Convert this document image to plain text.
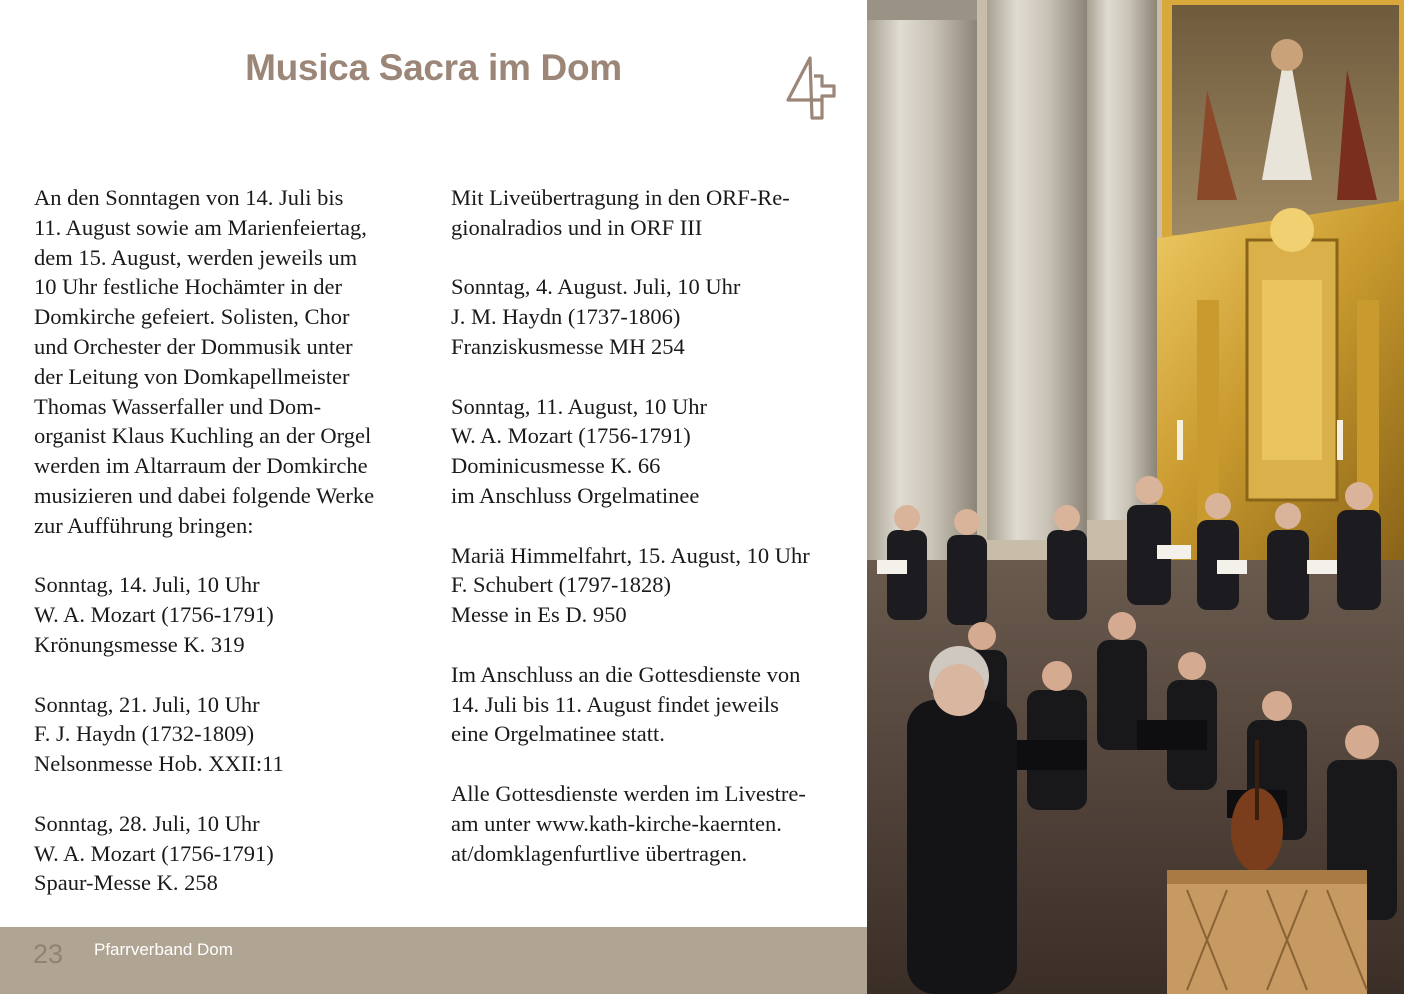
Musica Sacra im Dom

An den Sonntagen von 14. Juli bis
11. August sowie am Marienfeiertag,
dem 15. August, werden jeweils um
10 Uhr festliche Hochämter in der
Domkirche gefeiert. Solisten, Chor
und Orchester der Dommusik unter
der Leitung von Domkapellmeister
Thomas Wasserfaller und Dom-
organist Klaus Kuchling an der Orgel
werden im Altarraum der Domkirche
musizieren und dabei folgende Werke
zur Aufführung bringen:

Sonntag, 14. Juli, 10 Uhr
W. A. Mozart (1756-1791)
Krönungsmesse K. 319

Sonntag, 21. Juli, 10 Uhr
F. J. Haydn (1732-1809)
Nelsonmesse Hob. XXII:11

Sonntag, 28. Juli, 10 Uhr
W. A. Mozart (1756-1791)
Spaur-Messe K. 258

Mit Liveübertragung in den ORF-Re-
gionalradios und in ORF III

Sonntag, 4. August. Juli, 10 Uhr
J. M. Haydn (1737-1806)
Franziskusmesse MH 254

Sonntag, 11. August, 10 Uhr
W. A. Mozart (1756-1791)
Dominicusmesse K. 66
im Anschluss Orgelmatinee

Mariä Himmelfahrt, 15. August, 10 Uhr
F. Schubert (1797-1828)
Messe in Es D. 950

Im Anschluss an die Gottesdienste von
14. Juli bis 11. August findet jeweils
eine Orgelmatinee statt.

Alle Gottesdienste werden im Livestre-
am unter www.kath-kirche-kaernten.
at/domklagenfurtlive übertragen.

23 Pfarrverband Dom
